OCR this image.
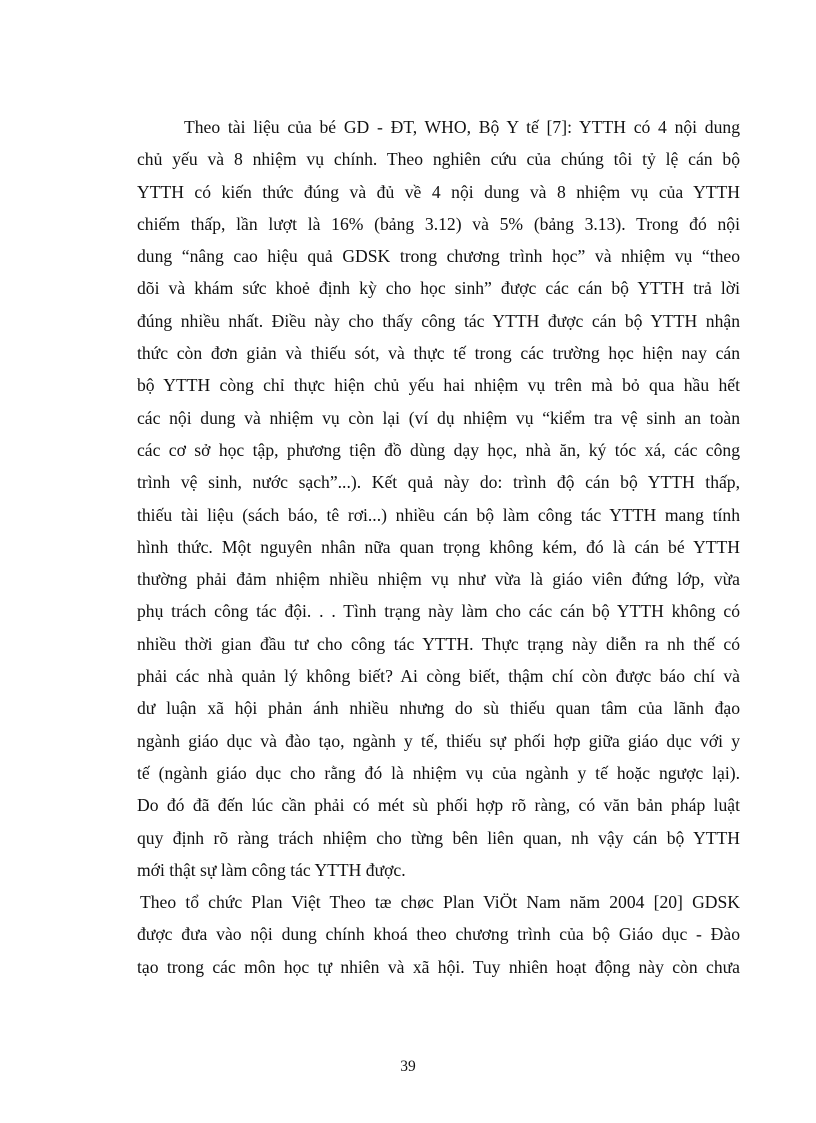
Theo tài liệu của bé GD - ĐT, WHO, Bộ Y tế [7]: YTTH có 4 nội dung
chủ yếu và 8 nhiệm vụ chính. Theo nghiên cứu của chúng tôi tỷ lệ cán bộ
YTTH có kiến thức đúng và đủ về 4 nội dung và 8 nhiệm vụ của YTTH
chiếm thấp, lần lượt là 16% (bảng 3.12) và 5% (bảng 3.13). Trong đó nội
dung “nâng cao hiệu quả GDSK trong chương trình học” và nhiệm vụ “theo
dõi và khám sức khoẻ định kỳ cho học sinh” được các cán bộ YTTH trả lời
đúng nhiều nhất. Điều này cho thấy công tác YTTH được cán bộ YTTH nhận
thức còn đơn giản và thiếu sót, và thực tế trong các trường học hiện nay cán
bộ YTTH còng chỉ thực hiện chủ yếu hai nhiệm vụ trên mà bỏ qua hầu hết
các nội dung và nhiệm vụ còn lại (ví dụ nhiệm vụ “kiểm tra vệ sinh an toàn
các cơ sở học tập, phương tiện đồ dùng dạy học, nhà ăn, ký tóc xá, các công
trình vệ sinh, nước sạch”...). Kết quả này do: trình độ cán bộ YTTH thấp,
thiếu tài liệu (sách báo, tê rơi...) nhiều cán bộ làm công tác YTTH mang tính
hình thức. Một nguyên nhân nữa quan trọng không kém, đó là cán bé YTTH
thường phải đảm nhiệm nhiều nhiệm vụ như vừa là giáo viên đứng lớp, vừa
phụ trách công tác đội. . . Tình trạng này làm cho các cán bộ YTTH không có
nhiều thời gian đầu tư cho công tác YTTH. Thực trạng này diễn ra nh thế có
phải các nhà quản lý không biết? Ai còng biết, thậm chí còn được báo chí và
dư luận xã hội phản ánh nhiều nhưng do sù thiếu quan tâm của lãnh đạo
ngành giáo dục và đào tạo, ngành y tế, thiếu sự phối hợp giữa giáo dục với y
tế (ngành giáo dục cho rằng đó là nhiệm vụ của ngành y tế hoặc ngược lại).
Do đó đã đến lúc cần phải có mét sù phối hợp rõ ràng, có văn bản pháp luật
quy định rõ ràng trách nhiệm cho từng bên liên quan, nh vậy cán bộ YTTH
mới thật sự làm công tác YTTH được.
Theo tổ chức Plan Việt Theo tæ chøc Plan ViÖt Nam năm 2004 [20] GDSK
được đưa vào nội dung chính khoá theo chương trình của bộ Giáo dục - Đào
tạo trong các môn học tự nhiên và xã hội. Tuy nhiên hoạt động này còn chưa
39
